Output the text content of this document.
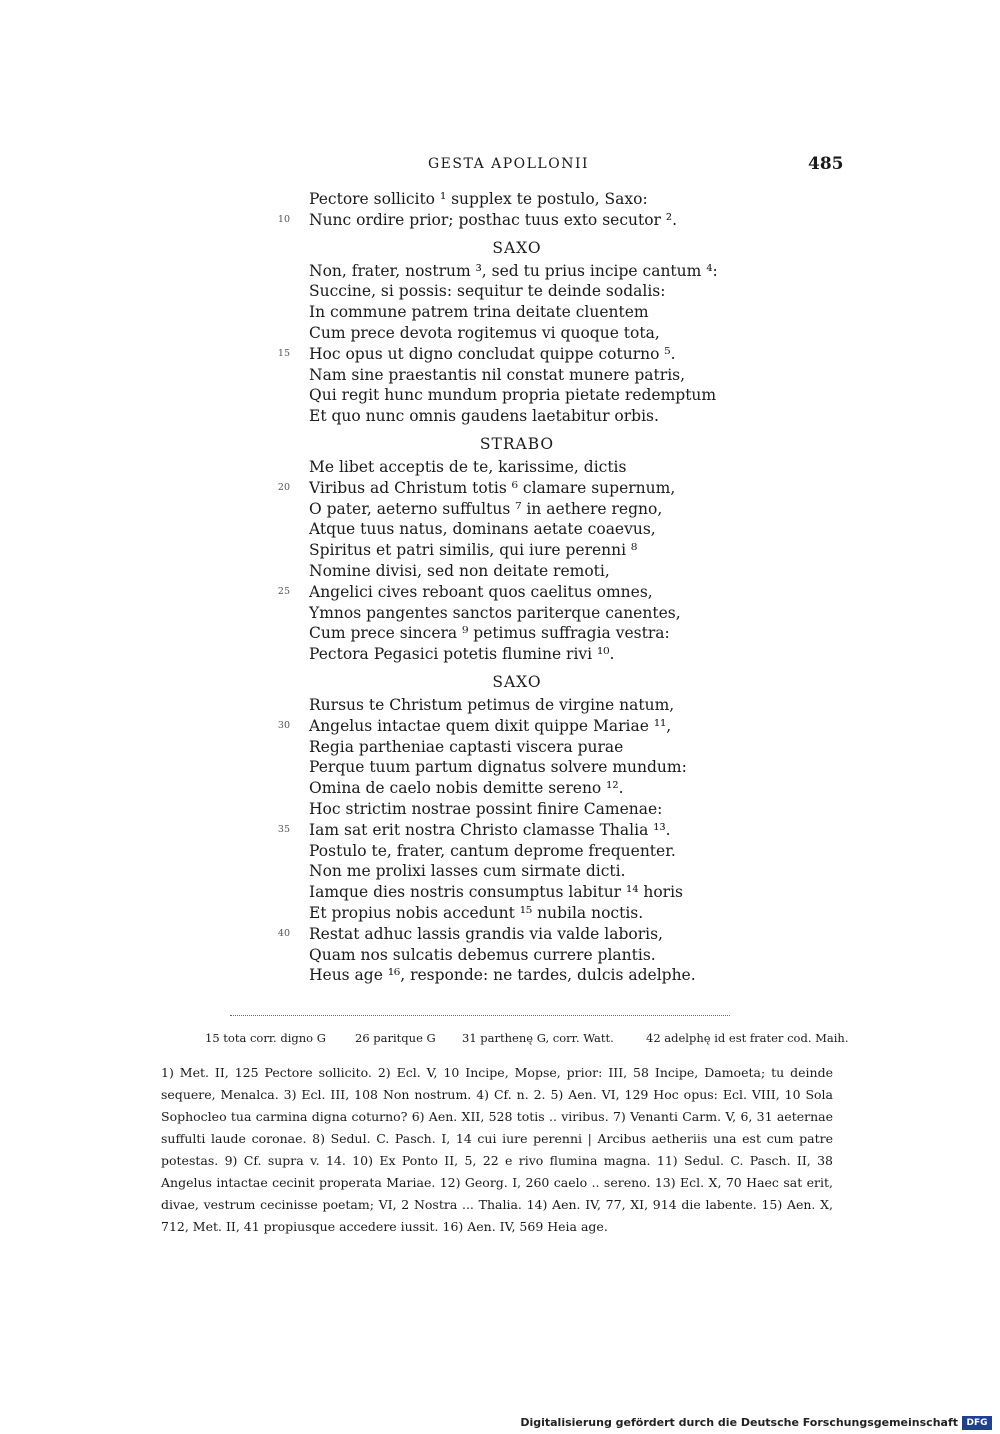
GESTA APOLLONII	485
Pectore sollicito ¹ supplex te postulo, Saxo:
10 Nunc ordire prior; posthac tuus exto secutor ².
SAXO
Non, frater, nostrum ³, sed tu prius incipe cantum ⁴:
Succine, si possis: sequitur te deinde sodalis:
In commune patrem trina deitate cluentem
Cum prece devota rogitemus vi quoque tota,
15 Hoc opus ut digno concludat quippe coturno ⁵.
Nam sine praestantis nil constat munere patris,
Qui regit hunc mundum propria pietate redemptum
Et quo nunc omnis gaudens laetabitur orbis.
STRABO
Me libet acceptis de te, karissime, dictis
20 Viribus ad Christum totis ⁶ clamare supernum,
O pater, aeterno suffultus ⁷ in aethere regno,
Atque tuus natus, dominans aetate coaevus,
Spiritus et patri similis, qui iure perenni ⁸
Nomine divisi, sed non deitate remoti,
25 Angelici cives reboant quos caelitus omnes,
Ymnos pangentes sanctos pariterque canentes,
Cum prece sincera ⁹ petimus suffragia vestra:
Pectora Pegasici potetis flumine rivi ¹⁰.
SAXO
Rursus te Christum petimus de virgine natum,
30 Angelus intactae quem dixit quippe Mariae ¹¹,
Regia partheniae captasti viscera purae
Perque tuum partum dignatus solvere mundum:
Omina de caelo nobis demitte sereno ¹².
Hoc strictim nostrae possint finire Camenae:
35 Iam sat erit nostra Christo clamasse Thalia ¹³.
Postulo te, frater, cantum deprome frequenter.
Non me prolixi lasses cum sirmate dicti.
Iamque dies nostris consumptus labitur ¹⁴ horis
Et propius nobis accedunt ¹⁵ nubila noctis.
40 Restat adhuc lassis grandis via valde laboris,
Quam nos sulcatis debemus currere plantis.
Heus age ¹⁶, responde: ne tardes, dulcis adelphe.
15 tota corr. digno G	26 paritque G 31 parthenę G, corr. Watt.	42 adelphę id est frater cod. Maih.

1) Met. II, 125 Pectore sollicito. 2) Ecl. V, 10 Incipe, Mopse, prior: III, 58 Incipe, Damoeta; tu deinde sequere, Menalca. 3) Ecl. III, 108 Non nostrum. 4) Cf. n. 2. 5) Aen. VI, 129 Hoc opus: Ecl. VIII, 10 Sola Sophocleo tua carmina digna coturno? 6) Aen. XII, 528 totis .. viribus. 7) Venanti Carm. V, 6, 31 aeternae suffulti laude coronae. 8) Sedul. C. Pasch. I, 14 cui iure perenni | Arcibus aetheriis una est cum patre potestas. 9) Cf. supra v. 14. 10) Ex Ponto II, 5, 22 e rivo flumina magna. 11) Sedul. C. Pasch. II, 38 Angelus intactae cecinit properata Mariae. 12) Georg. I, 260 caelo .. sereno. 13) Ecl. X, 70 Haec sat erit, divae, vestrum cecinisse poetam; VI, 2 Nostra ... Thalia. 14) Aen. IV, 77, XI, 914 die labente. 15) Aen. X, 712, Met. II, 41 propiusque accedere iussit. 16) Aen. IV, 569 Heia age.

Digitalisierung gefördert durch die Deutsche Forschungsgemeinschaft DFG
